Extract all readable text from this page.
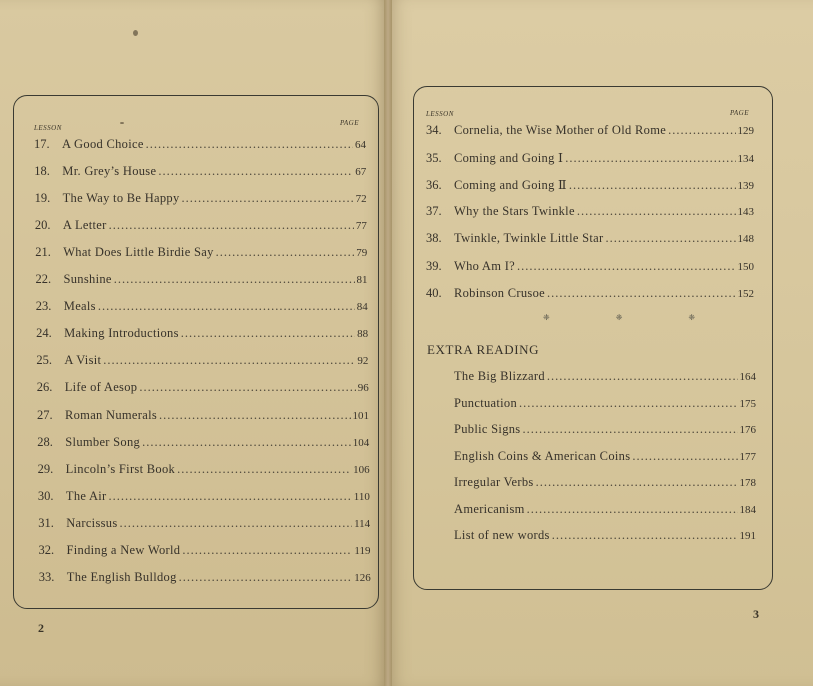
LESSON
PAGE
17. A Good Choice .....	64
18. Mr. Grey’s House .....	67
19. The Way to Be Happy .....	72
20. A Letter .....	77
21. What Does Little Birdie Say .....	79
22. Sunshine .....	81
23. Meals .....	84
24. Making Introductions .....	88
25. A Visit .....	92
26. Life of Aesop .....	96
27. Roman Numerals .....	101
28. Slumber Song .....	104
29. Lincoln’s First Book .....	106
30. The Air .....	110
31. Narcissus .....	114
32. Finding a New World .....	119
33. The English Bulldog .....	126
LESSON	PAGE
34. Cornelia, the Wise Mother of Old Rome .....	129
35. Coming and Going Ⅰ .....	134
36. Coming and Going Ⅱ .....	139
37. Why the Stars Twinkle .....	143
38. Twinkle, Twinkle Little Star .....	148
39. Who Am I? .....	150
40. Robinson Crusoe .....	152
❈ ❈ ❈
EXTRA READING
The Big Blizzard .....	164
Punctuation .....	175
Public Signs .....	176
English Coins & American Coins .....	177
Irregular Verbs .....	178
Americanism .....	184
List of new words .....	191
2
3
